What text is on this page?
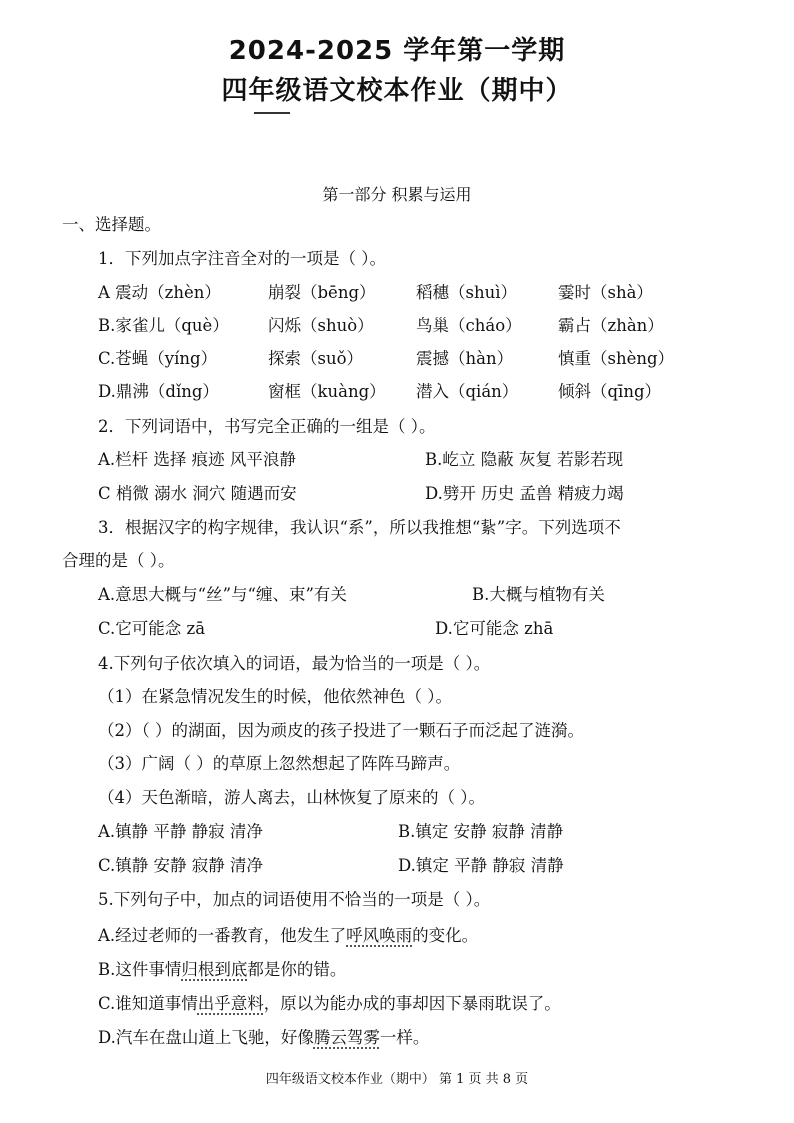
2024-2025 学年第一学期
四年级语文校本作业（期中）
第一部分 积累与运用
一、选择题。
1．下列加点字注音全对的一项是（ ）。
A 震动（zhèn）	崩裂（bēng） 稻穗（shuì） 霎时（shà）
B.家雀儿（què） 闪烁（shuò）	鸟巢（cháo） 霸占（zhàn）
C.苍蝇（yíng）	探索（suǒ）	震撼（hàn）	慎重（shèng）
D.鼎沸（dǐng）	窗框（kuàng） 潜入（qián） 倾斜（qīng）
2．下列词语中，书写完全正确的一组是（ ）。
A.栏杆 选择 痕迹 风平浪静	B.屹立 隐蔽 灰复 若影若现
C 梢微 溺水 洞穴 随遇而安	D.劈开 历史 孟兽 精疲力竭
3．根据汉字的构字规律，我认识“系”，所以我推想“紥”字。下列选项不
合理的是（ ）。
A.意思大概与“丝”与“缠、束”有关	B.大概与植物有关
C.它可能念 zā	D.它可能念 zhā
4.下列句子依次填入的词语，最为恰当的一项是（ ）。
（1）在紧急情况发生的时候，他依然神色（ ）。
（2）（ ）的湖面，因为顽皮的孩子投进了一颗石子而泛起了涟漪。
（3）广阔（ ）的草原上忽然想起了阵阵马蹄声。
（4）天色渐暗，游人离去，山林恢复了原来的（ ）。
A.镇静 平静 静寂 清净	B.镇定 安静 寂静 清静
C.镇静 安静 寂静 清净	D.镇定 平静 静寂 清静
5.下列句子中，加点的词语使用不恰当的一项是（ ）。
A.经过老师的一番教育，他发生了呼风唤雨的变化。
B.这件事情归根到底都是你的错。
C.谁知道事情出乎意料，原以为能办成的事却因下暴雨耽误了。
D.汽车在盘山道上飞驰，好像腾云驾雾一样。
四年级语文校本作业（期中） 第 1 页 共 8 页
